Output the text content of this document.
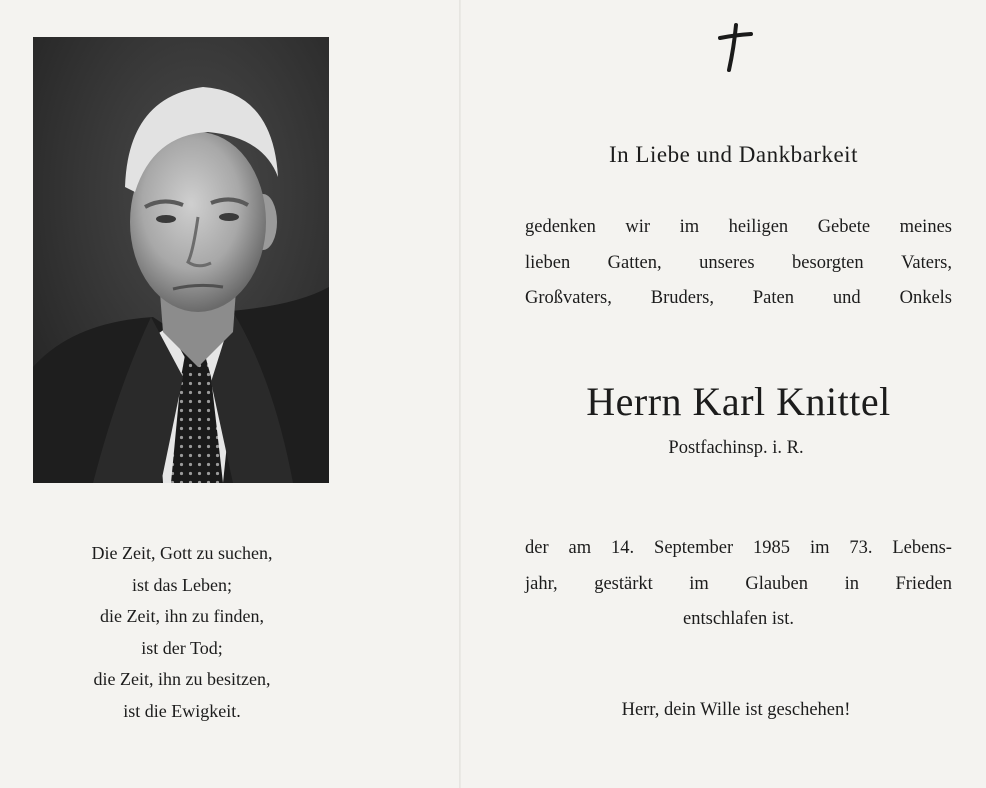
Die Zeit, Gott zu suchen,
ist das Leben;
die Zeit, ihn zu finden,
ist der Tod;
die Zeit, ihn zu besitzen,
ist die Ewigkeit.
In Liebe und Dankbarkeit
gedenken wir im heiligen Gebete meines
lieben Gatten, unseres besorgten Vaters,
Großvaters, Bruders, Paten und Onkels
Herrn Karl Knittel
Postfachinsp. i. R.
der am 14. September 1985 im 73. Lebens-
jahr, gestärkt im Glauben in Frieden
entschlafen ist.
Herr, dein Wille ist geschehen!
